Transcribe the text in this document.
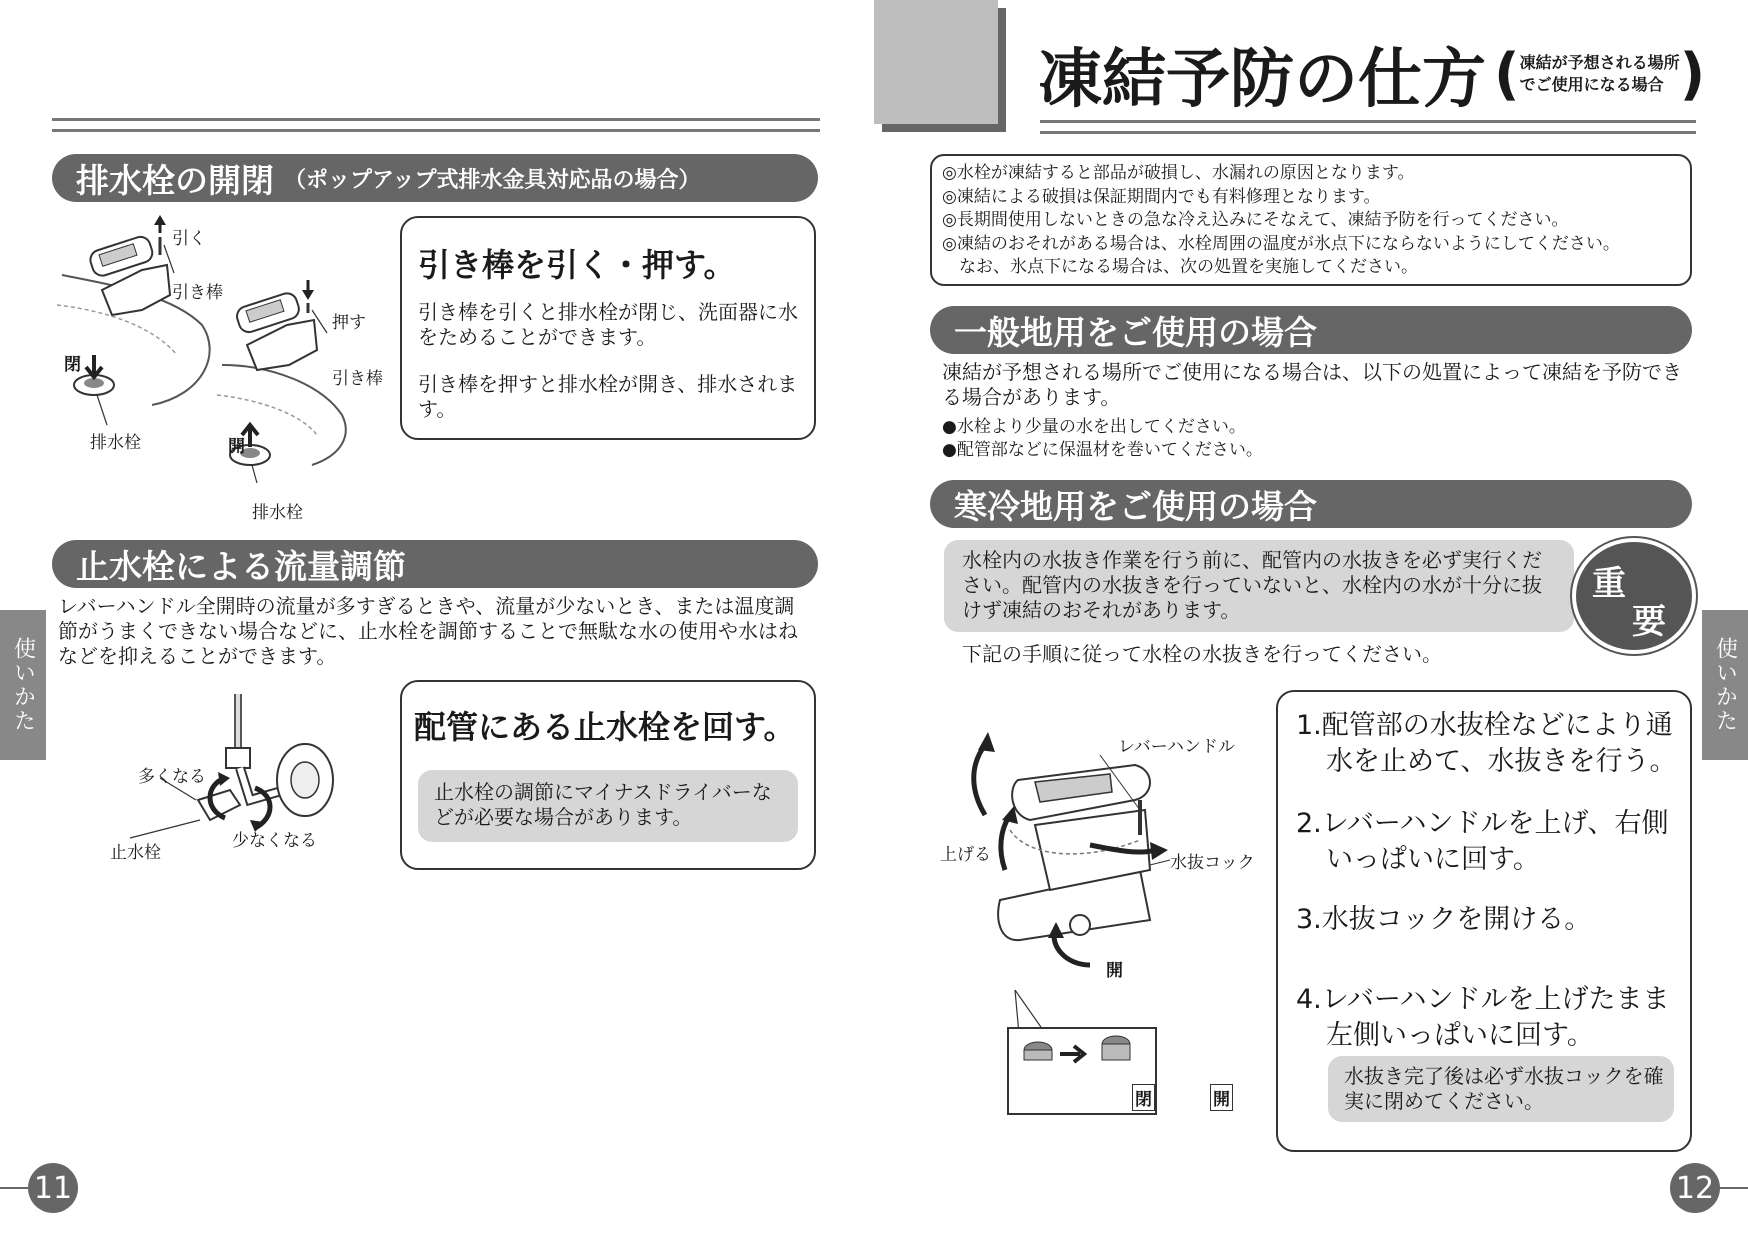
排水栓の開閉 （ポップアップ式排水金具対応品の場合）
引く
引き棒
閉
排水栓
押す
引き棒
開
排水栓
引き棒を引く・押す。
引き棒を引くと排水栓が閉じ、洗面器に水をためることができます。
引き棒を押すと排水栓が開き、排水されます。
止水栓による流量調節
レバーハンドル全開時の流量が多すぎるときや、流量が少ないとき、または温度調節がうまくできない場合などに、止水栓を調節することで無駄な水の使用や水はねなどを抑えることができます。
多くなる
少なくなる
止水栓
配管にある止水栓を回す。
止水栓の調節にマイナスドライバーなどが必要な場合があります。
使いかた
11
凍結予防の仕方 ( 凍結が予想される場所
でご使用になる場合 )
◎水栓が凍結すると部品が破損し、水漏れの原因となります。
◎凍結による破損は保証期間内でも有料修理となります。
◎長期間使用しないときの急な冷え込みにそなえて、凍結予防を行ってください。
◎凍結のおそれがある場合は、水栓周囲の温度が氷点下にならないようにしてください。
　なお、氷点下になる場合は、次の処置を実施してください。
一般地用をご使用の場合
凍結が予想される場所でご使用になる場合は、以下の処置によって凍結を予防できる場合があります。
●水栓より少量の水を出してください。
●配管部などに保温材を巻いてください。
寒冷地用をご使用の場合
水栓内の水抜き作業を行う前に、配管内の水抜きを必ず実行ください。配管内の水抜きを行っていないと、水栓内の水が十分に抜けず凍結のおそれがあります。
重
要
下記の手順に従って水栓の水抜きを行ってください。
レバーハンドル
上げる	水抜コック
開
閉	開
1.配管部の水抜栓などにより通
水を止めて、水抜きを行う。
2.レバーハンドルを上げ、右側
いっぱいに回す。
3.水抜コックを開ける。
4.レバーハンドルを上げたまま
左側いっぱいに回す。
水抜き完了後は必ず水抜コックを確実に閉めてください。
使いかた
12
